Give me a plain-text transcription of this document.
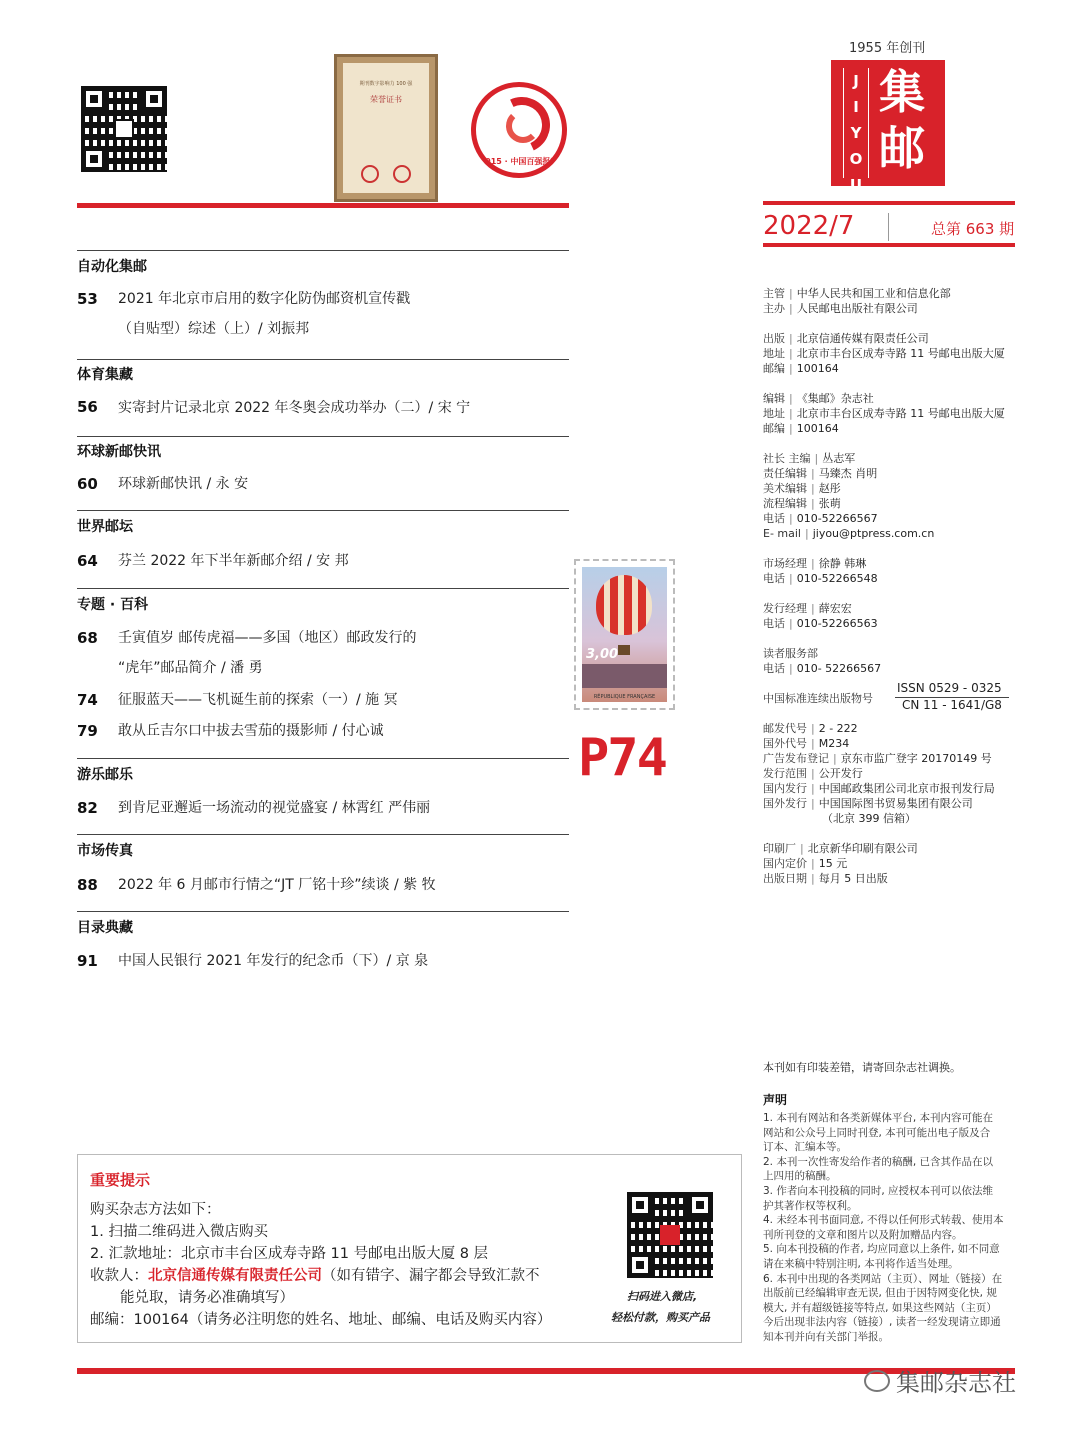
期刊数字影响力 100 强
荣誉证书
2015 · 中国百强报刊
1955 年创刊
J
I
Y
O
U
集
邮
2022/7	总第 663 期
自动化集邮
53 2021 年北京市启用的数字化防伪邮资机宣传戳
（自贴型）综述（上）/ 刘振邦
体育集藏
56 实寄封片记录北京 2022 年冬奥会成功举办（二）/ 宋 宁
环球新邮快讯
60 环球新邮快讯 / 永 安
世界邮坛
64 芬兰 2022 年下半年新邮介绍 / 安 邦
专题 · 百科
68 壬寅值岁 邮传虎福——多国（地区）邮政发行的
“虎年”邮品简介 / 潘 勇
74 征服蓝天——飞机诞生前的探索（一）/ 施 冥
79 敢从丘吉尔口中拔去雪茄的摄影师 / 付心诚
游乐邮乐
82 到肯尼亚邂逅一场流动的视觉盛宴 / 林霄红 严伟丽
市场传真
88 2022 年 6 月邮市行情之“JT 厂铭十珍”续谈 / 紫 牧
目录典藏
91 中国人民银行 2021 年发行的纪念币（下）/ 京 泉
3,00
RÉPUBLIQUE FRANÇAISE
P74
主管 | 中华人民共和国工业和信息化部
主办 | 人民邮电出版社有限公司
出版 | 北京信通传媒有限责任公司
地址 | 北京市丰台区成寿寺路 11 号邮电出版大厦
邮编 | 100164
编辑 | 《集邮》杂志社
地址 | 北京市丰台区成寿寺路 11 号邮电出版大厦
邮编 | 100164
社长 主编 | 丛志军
责任编辑 | 马臻杰 肖明
美术编辑 | 赵彤
流程编辑 | 张萌
电话 | 010-52266567
E- mail | jiyou@ptpress.com.cn
市场经理 | 徐静 韩琳
电话 | 010-52266548
发行经理 | 薛宏宏
电话 | 010-52266563
读者服务部
电话 | 010- 52266567
中国标准连续出版物号
邮发代号 | 2 - 222
国外代号 | M234
广告发布登记 | 京东市监广登字 20170149 号
发行范围 | 公开发行
国内发行 | 中国邮政集团公司北京市报刊发行局
国外发行 | 中国国际图书贸易集团有限公司
（北京 399 信箱）
印刷厂 | 北京新华印刷有限公司
国内定价 | 15 元
出版日期 | 每月 5 日出版
ISSN 0529 - 0325
CN 11 - 1641/G8
本刊如有印装差错，请寄回杂志社调换。
声明
1. 本刊有网站和各类新媒体平台, 本刊内容可能在
网站和公众号上同时刊登, 本刊可能出电子版及合
订本、汇编本等。
2. 本刊一次性寄发给作者的稿酬, 已含其作品在以
上四用的稿酬。
3. 作者向本刊投稿的同时, 应授权本刊可以依法维
护其著作权等权利。
4. 未经本刊书面同意, 不得以任何形式转载、使用本
刊所刊登的文章和图片以及附加赠品内容。
5. 向本刊投稿的作者, 均应同意以上条件, 如不同意
请在来稿中特别注明, 本刊将作适当处理。
6. 本刊中出现的各类网站（主页）、网址（链接）在
出版前已经编辑审查无误, 但由于因特网变化快, 规
模大, 并有超级链接等特点, 如果这些网站（主页）
今后出现非法内容（链接）, 读者一经发现请立即通
知本刊并向有关部门举报。
重要提示
购买杂志方法如下：
1. 扫描二维码进入微店购买
2. 汇款地址：北京市丰台区成寿寺路 11 号邮电出版大厦 8 层
收款人：北京信通传媒有限责任公司（如有错字、漏字都会导致汇款不
能兑取，请务必准确填写）
邮编：100164（请务必注明您的姓名、地址、邮编、电话及购买内容）
扫码进入微店,
轻松付款，购买产品
集邮杂志社
